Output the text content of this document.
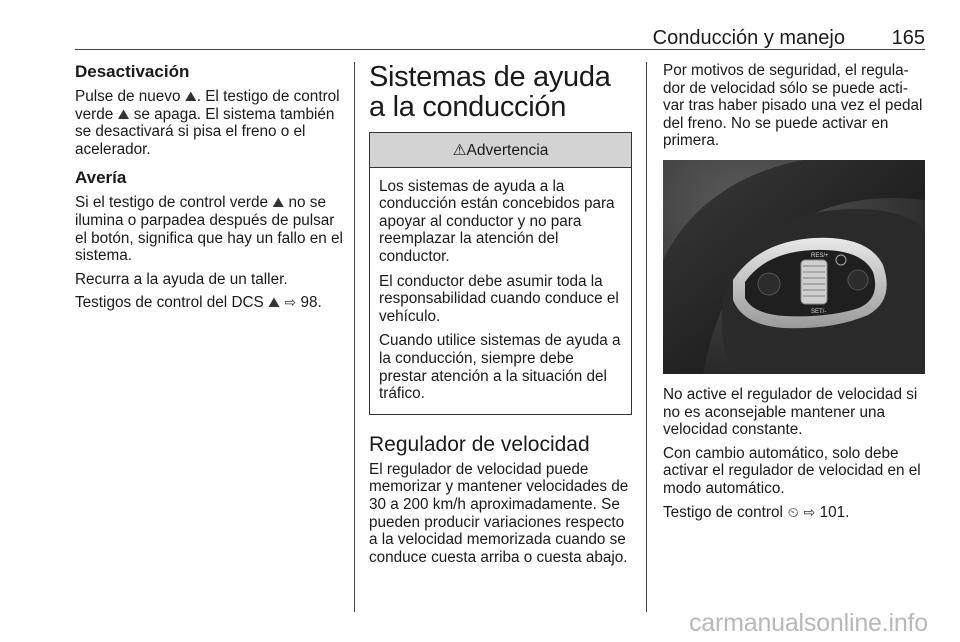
Conducción y manejo 165
Desactivación

Pulse de nuevo ⛰. El testigo de control verde ⛰ se apaga. El sistema también se desactivará si pisa el freno o el acelerador.

Avería

Si el testigo de control verde ⛰ no se ilumina o parpadea después de pulsar el botón, significa que hay un fallo en el sistema.

Recurra a la ayuda de un taller.

Testigos de control del DCS ⛰ ⇨ 98.

Sistemas de ayuda a la conducción
⚠Advertencia

Los sistemas de ayuda a la conducción están concebidos para apoyar al conductor y no para reemplazar la atención del conductor.

El conductor debe asumir toda la responsabilidad cuando conduce el vehículo.

Cuando utilice sistemas de ayuda a la conducción, siempre debe prestar atención a la situación del tráfico.

Regulador de velocidad

El regulador de velocidad puede memorizar y mantener velocidades de 30 a 200 km/h aproximadamente. Se pueden producir variaciones respecto a la velocidad memorizada cuando se conduce cuesta arriba o cuesta abajo.

Por motivos de seguridad, el regula-dor de velocidad sólo se puede acti-var tras haber pisado una vez el pedal del freno. No se puede activar en primera.

RES/+
SET/-

No active el regulador de velocidad si no es aconsejable mantener una velocidad constante.

Con cambio automático, solo debe activar el regulador de velocidad en el modo automático.

Testigo de control ⏲ ⇨ 101.

carmanualsonline.info
